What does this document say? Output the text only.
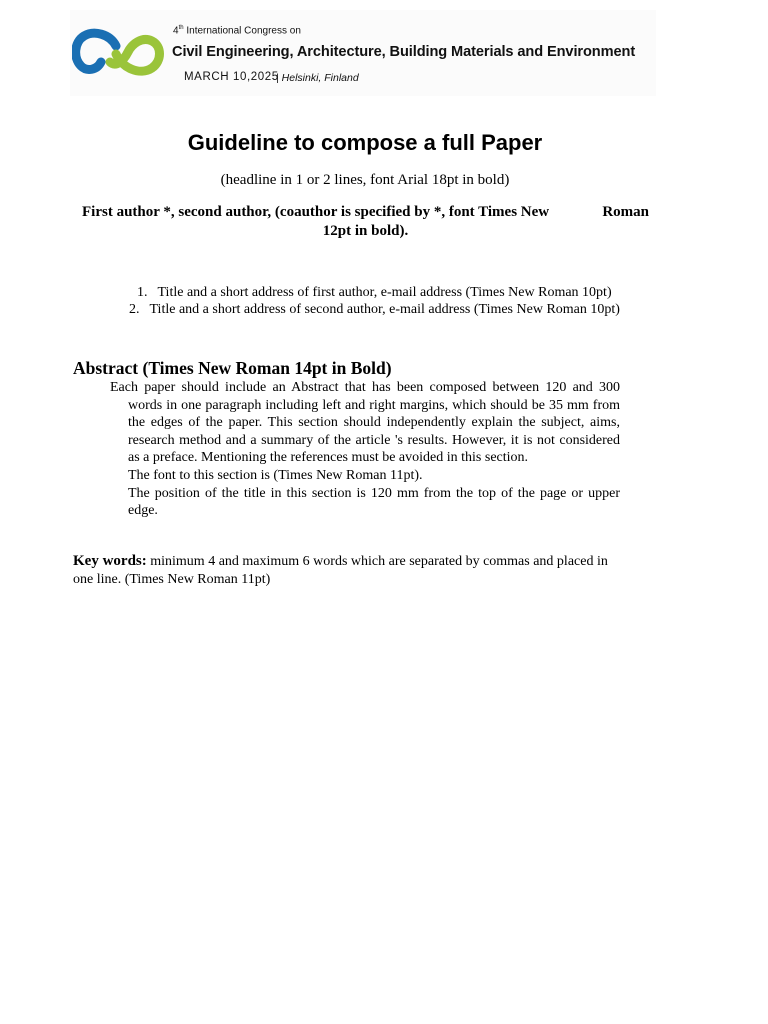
4th International Congress on
Civil Engineering, Architecture, Building Materials and Environment
MARCH 10,2025
| Helsinki, Finland
Guideline to compose a full Paper
(headline in 1 or 2 lines, font Arial 18pt in bold)
First author *, second author, (coauthor is specified by *, font Times New	Roman
12pt in bold).
1. Title and a short address of first author, e-mail address (Times New Roman 10pt)
2. Title and a short address of second author, e-mail address (Times New Roman 10pt)
Abstract (Times New Roman 14pt in Bold)

Each paper should include an Abstract that has been composed between 120 and 300 words in one paragraph including left and right margins, which should be 35 mm from the edges of the paper. This section should independently explain the subject, aims, research method and a summary of the article 's results. However, it is not considered as a preface. Mentioning the references must be avoided in this section.

The font to this section is (Times New Roman 11pt).
The position of the title in this section is 120 mm from the top of the page or upper edge.
Key words: minimum 4 and maximum 6 words which are separated by commas and placed in one line. (Times New Roman 11pt)
